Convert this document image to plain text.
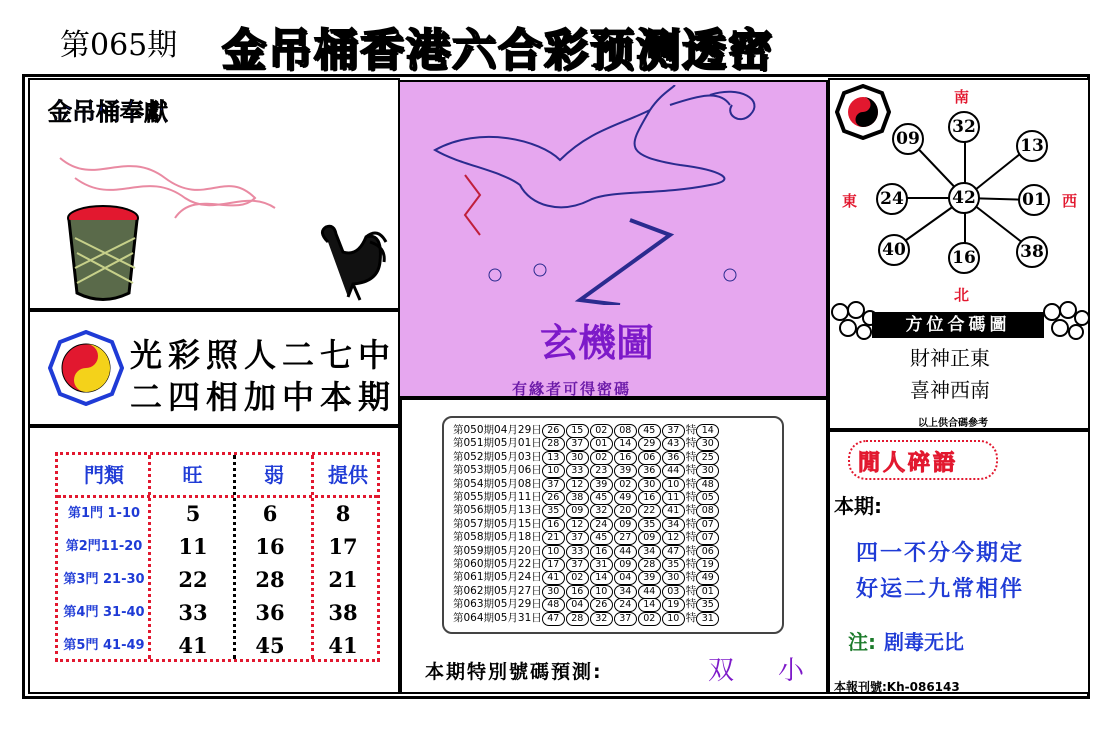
第065期 金吊桶香港六合彩预测透密
金吊桶奉獻
光彩照人二七中
二四相加中本期
門類	旺	弱	提供
第1門 1-10	5	6	8
第2門11-20	11	16	17
第3門 21-30	22	28	21
第4門 31-40	33	36	38
第5門 41-49	41	45	41
玄機圖
有緣者可得密碼
第050期04月29日 26 15 02 08 45 37 特 14
第051期05月01日 28 37 01 14 29 43 特 30
第052期05月03日 13 30 02 16 06 36 特 25
第053期05月06日 10 33 23 39 36 44 特 30
第054期05月08日 37 12 39 02 30 10 特 48
第055期05月11日 26 38 45 49 16 11 特 05
第056期05月13日 35 09 32 20 22 41 特 08
第057期05月15日 16 12 24 09 35 34 特 07
第058期05月18日 21 37 45 27 09 12 特 07
第059期05月20日 10 33 16 44 34 47 特 06
第060期05月22日 17 37 31 09 28 35 特 19
第061期05月24日 41 02 14 04 39 30 特 49
第062期05月27日 30 16 10 34 44 03 特 01
第063期05月29日 48 04 26 24 14 19 特 35
第064期05月31日 47 28 32 37 02 10 特 31
本期特別號碼預測:	双 小
南
北
東	西
32
13
01
38
16
40
24
09
42
方位合碼圖
財神正東
喜神西南
以上供合碼參考
閒人碎語
本期:
四一不分今期定
好运二九常相伴
注: 剧毒无比
本報刊號:Kh-086143
